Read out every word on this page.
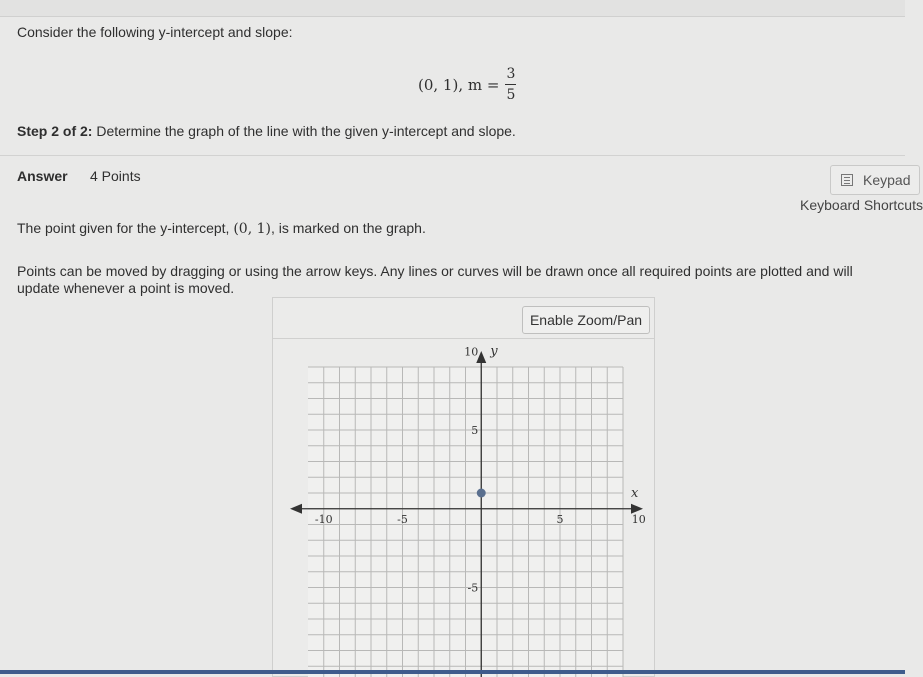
Consider the following y-intercept and slope:
(0, 1), $m = \frac{3}{5}$
Step 2 of 2: Determine the graph of the line with the given y-intercept and slope.
Answer 4 Points	Keypad
Keyboard Shortcuts
The point given for the y-intercept, (0, 1), is marked on the graph.
Points can be moved by dragging or using the arrow keys. Any lines or curves will be drawn once all required points are plotted and will update whenever a point is moved.
Enable Zoom/Pan
x
y
-10	-5	5	10
10
5
-5
